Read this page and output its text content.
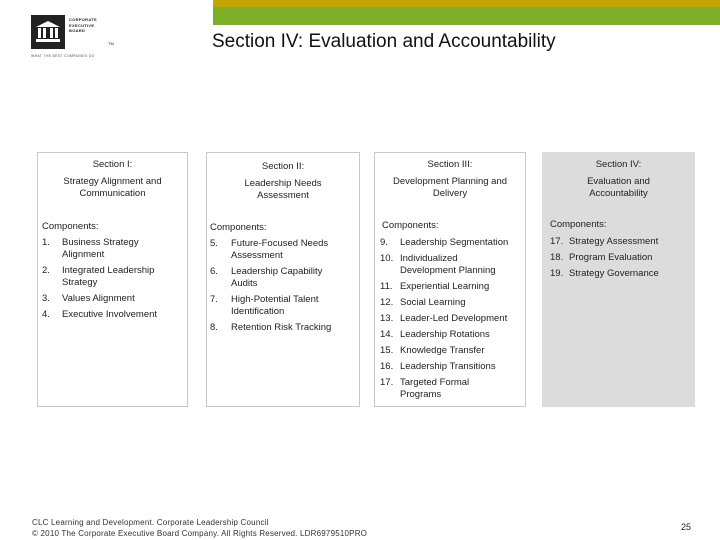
CORPORATE
EXECUTIVE
BOARD
TM
WHAT THE BEST COMPANIES DO
Section IV: Evaluation and Accountability
Section I:
Strategy Alignment and
Communication
Components:
1. Business Strategy
Alignment
2. Integrated Leadership
Strategy
3. Values Alignment
4. Executive Involvement
Section II:
Leadership Needs
Assessment
Components:
5. Future-Focused Needs
Assessment
6. Leadership Capability
Audits
7. High-Potential Talent
Identification
8. Retention Risk Tracking
Section III:
Development Planning and
Delivery
Components:
9. Leadership Segmentation
10. Individualized
Development Planning
11. Experiential Learning
12. Social Learning
13. Leader-Led Development
14. Leadership Rotations
15. Knowledge Transfer
16. Leadership Transitions
17. Targeted Formal
Programs
Section IV:
Evaluation and
Accountability
Components:
17. Strategy Assessment
18. Program Evaluation
19. Strategy Governance
CLC Learning and Development. Corporate Leadership Council
© 2010 The Corporate Executive Board Company. All Rights Reserved. LDR6979510PRO
25
